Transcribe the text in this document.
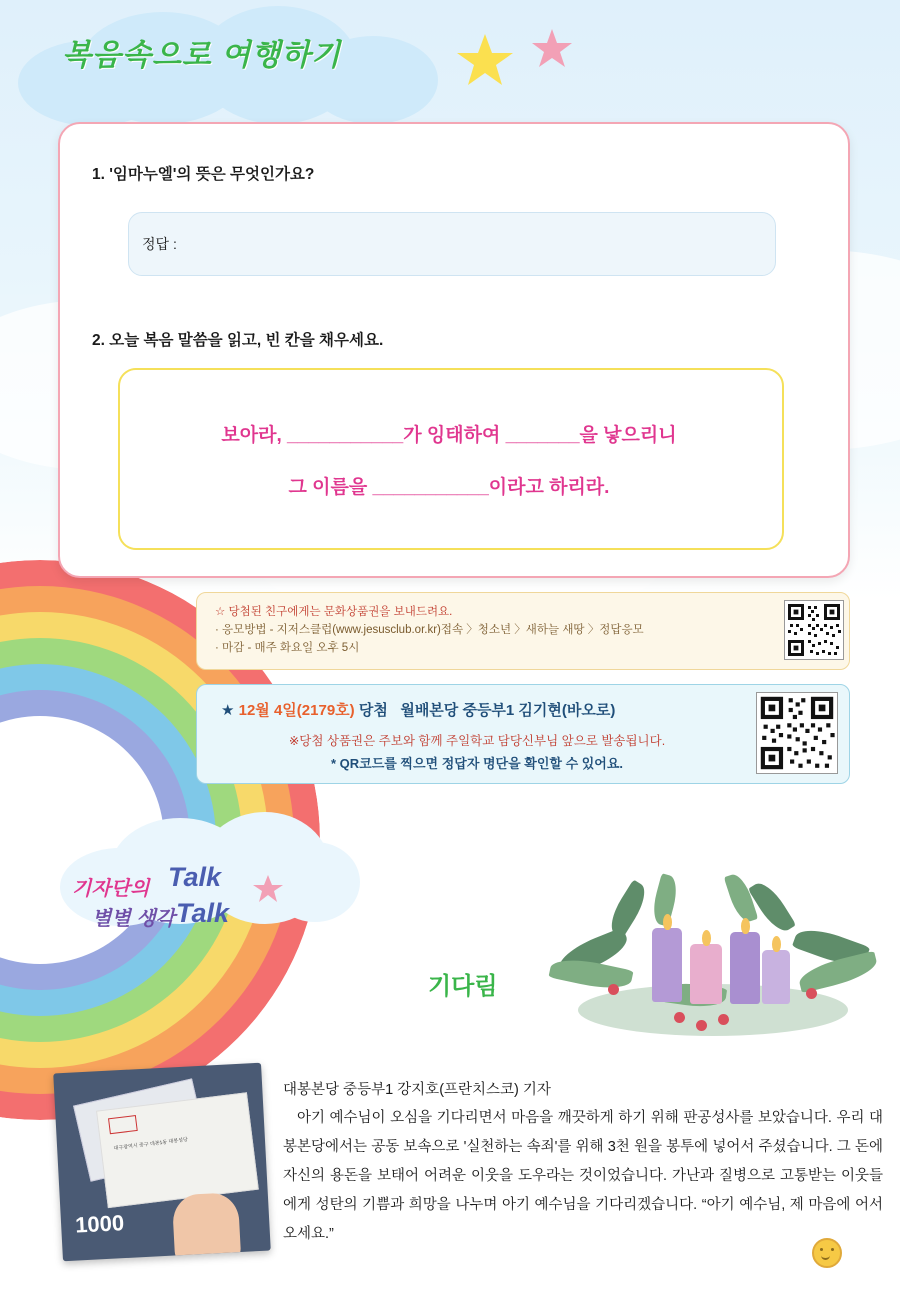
복음속으로 여행하기
1. '임마누엘'의 뜻은 무엇인가요?
정답 :
2. 오늘 복음 말씀을 읽고, 빈 칸을 채우세요.
보아라, ___________가 잉태하여 _______을 낳으리니
그 이름을 ___________이라고 하리라.

☆ 당첨된 친구에게는 문화상품권을 보내드려요.

· 응모방법 - 지저스클럽(www.jesusclub.or.kr)접속 〉청소년 〉새하늘 새땅 〉정답응모

· 마감 - 매주 화요일 오후 5시

★ 12월 4일(2179호) 당첨 월배본당 중등부1 김기현(바오로)
※당첨 상품권은 주보와 함께 주일학교 담당신부님 앞으로 발송됩니다.
* QR코드를 찍으면 정답자 명단을 확인할 수 있어요.
기자단의
별별 생각
Talk
Talk
기다림
대구광역시 중구 대봉1동 대봉성당
1000
대봉본당 중등부1 강지호(프란치스코) 기자
아기 예수님이 오심을 기다리면서 마음을 깨끗하게 하기 위해 판공성사를 보았습니다. 우리 대봉본당에서는 공동 보속으로 '실천하는 속죄'를 위해 3천 원을 봉투에 넣어서 주셨습니다. 그 돈에 자신의 용돈을 보태어 어려운 이웃을 도우라는 것이었습니다. 가난과 질병으로 고통받는 이웃들에게 성탄의 기쁨과 희망을 나누며 아기 예수님을 기다리겠습니다. “아기 예수님, 제 마음에 어서 오세요.”
